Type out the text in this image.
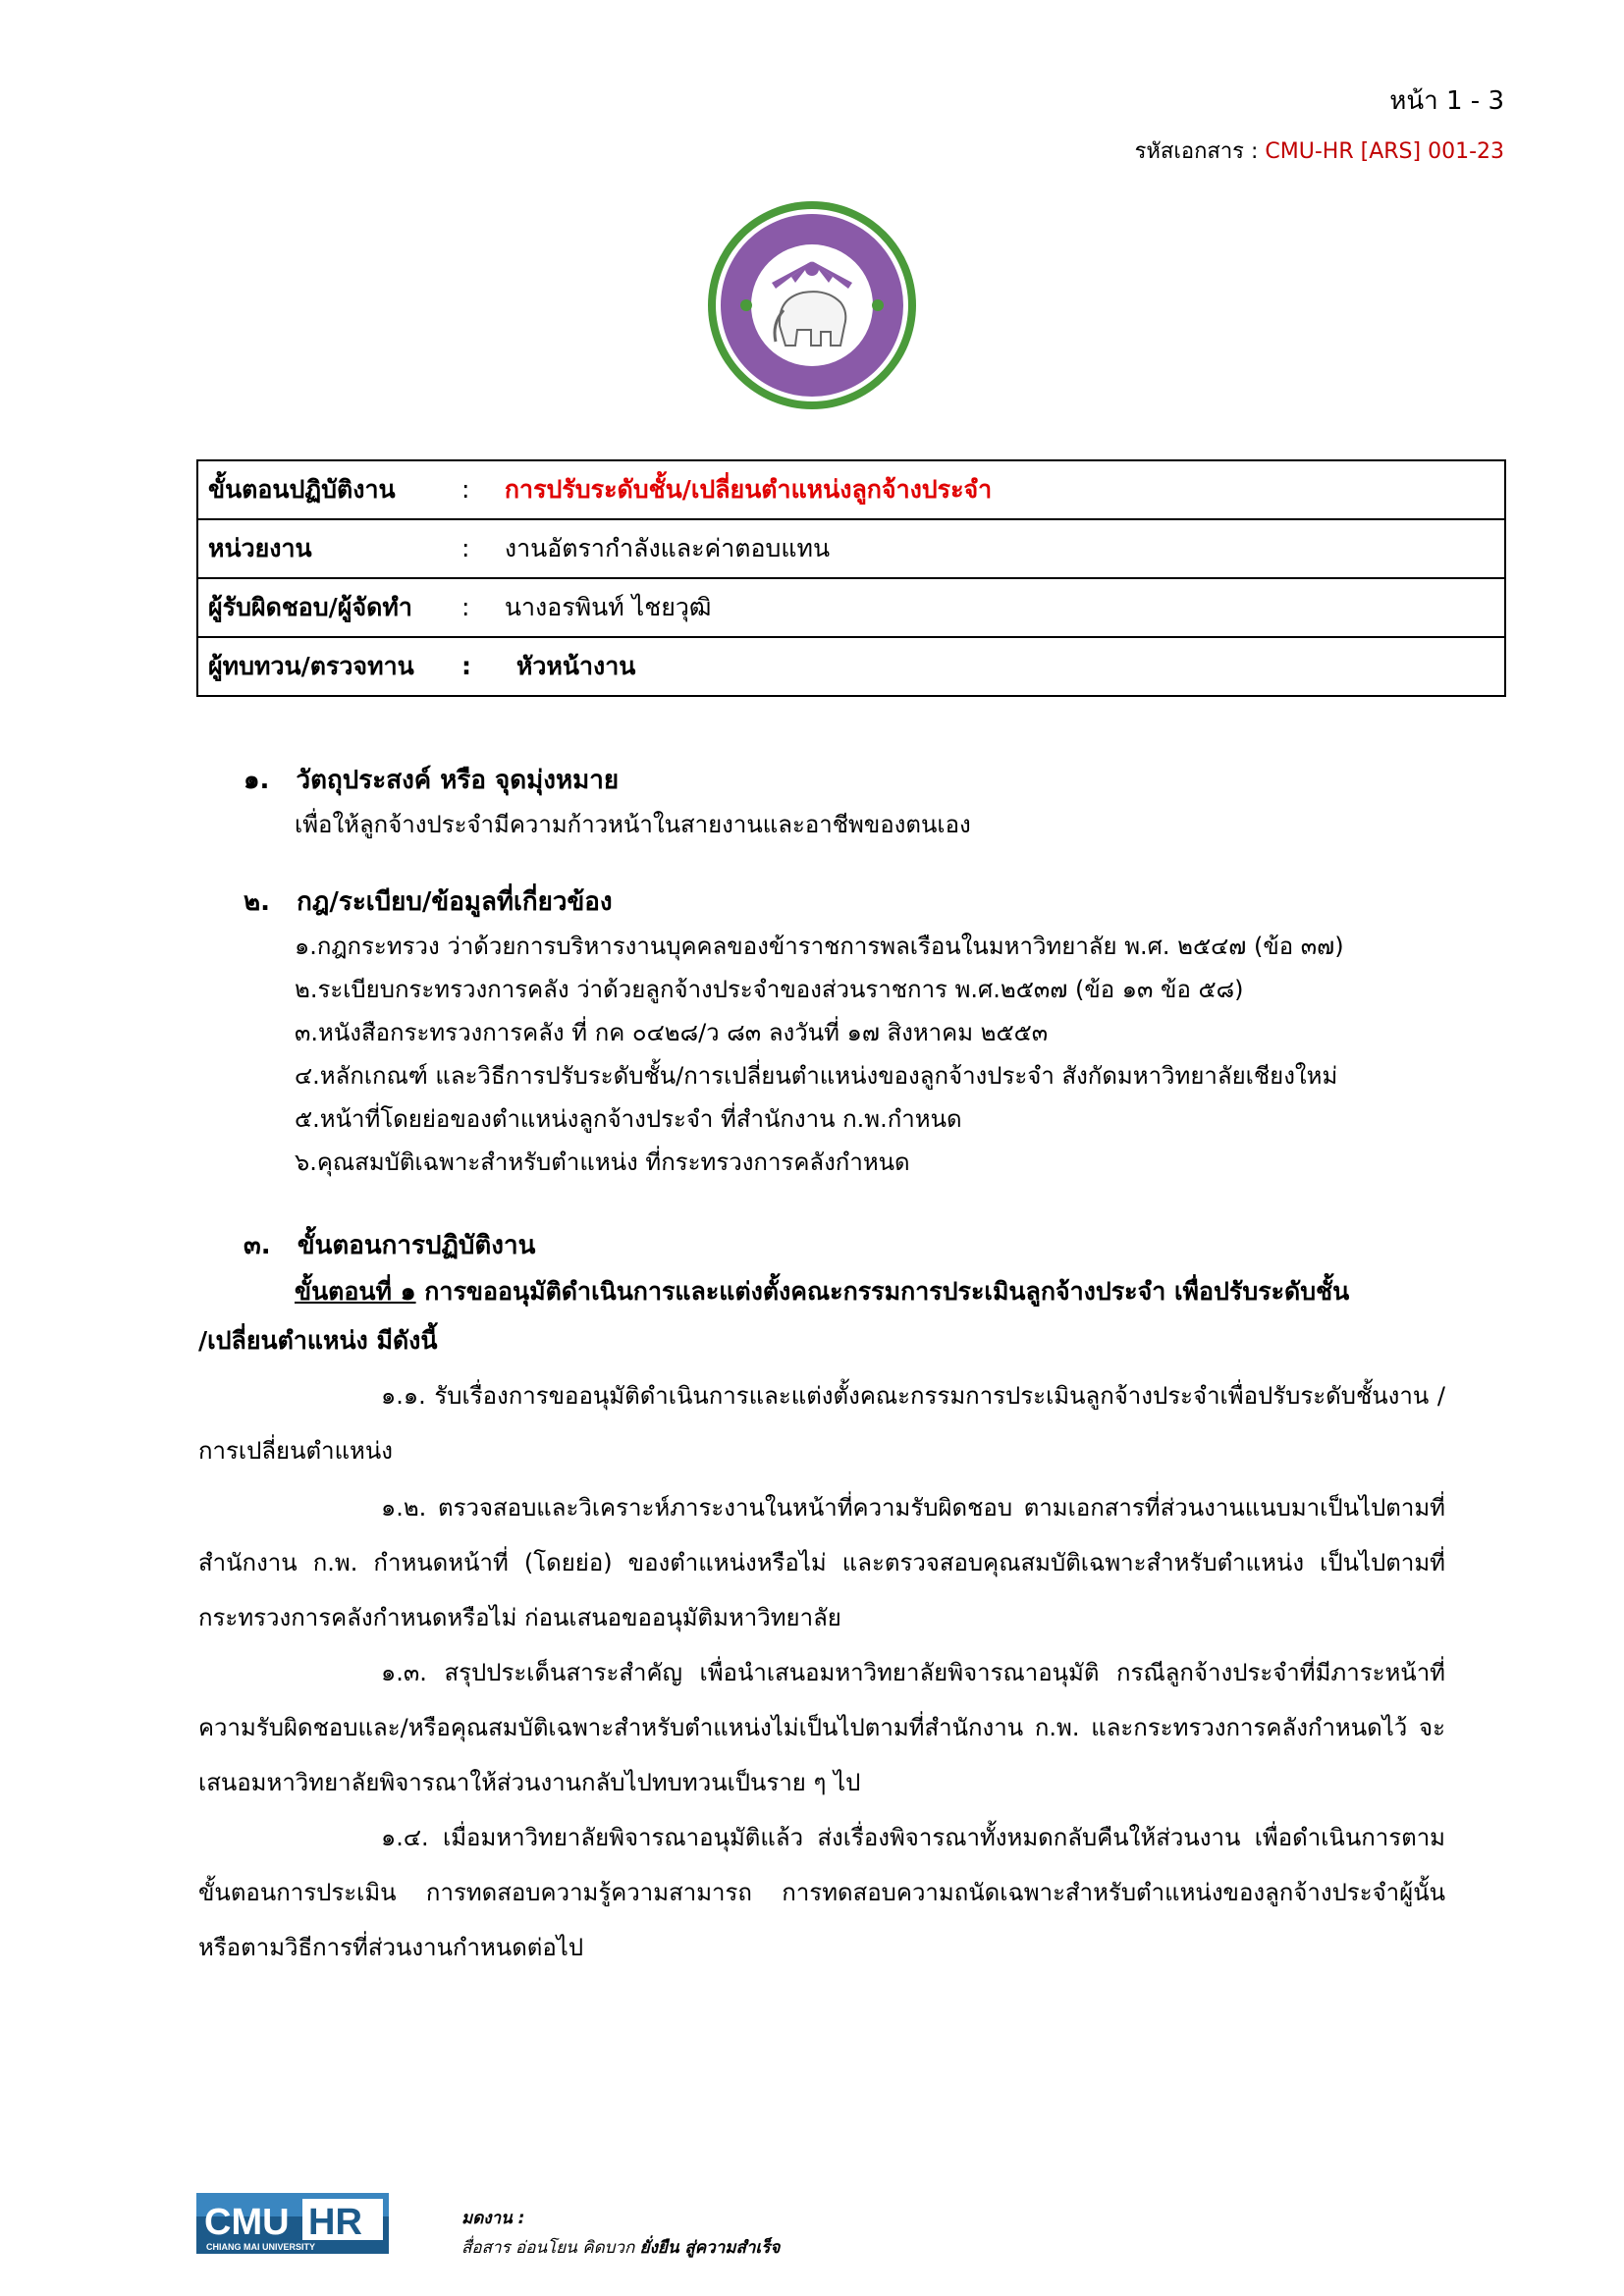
หน้า 1 - 3
รหัสเอกสาร : CMU-HR [ARS] 001-23
ขั้นตอนปฏิบัติงาน	: การปรับระดับชั้น/เปลี่ยนตำแหน่งลูกจ้างประจำ
หน่วยงาน	: งานอัตรากำลังและค่าตอบแทน
ผู้รับผิดชอบ/ผู้จัดทำ : นางอรพินท์ ไชยวุฒิ
ผู้ทบทวน/ตรวจทาน : หัวหน้างาน
๑. วัตถุประสงค์ หรือ จุดมุ่งหมาย
เพื่อให้ลูกจ้างประจำมีความก้าวหน้าในสายงานและอาชีพของตนเอง
๒. กฎ/ระเบียบ/ข้อมูลที่เกี่ยวข้อง
๑.กฎกระทรวง ว่าด้วยการบริหารงานบุคคลของข้าราชการพลเรือนในมหาวิทยาลัย พ.ศ. ๒๕๔๗ (ข้อ ๓๗)
๒.ระเบียบกระทรวงการคลัง ว่าด้วยลูกจ้างประจำของส่วนราชการ พ.ศ.๒๕๓๗ (ข้อ ๑๓ ข้อ ๕๘)
๓.หนังสือกระทรวงการคลัง ที่ กค ๐๔๒๘/ว ๘๓ ลงวันที่ ๑๗ สิงหาคม ๒๕๕๓
๔.หลักเกณฑ์ และวิธีการปรับระดับชั้น/การเปลี่ยนตำแหน่งของลูกจ้างประจำ สังกัดมหาวิทยาลัยเชียงใหม่
๕.หน้าที่โดยย่อของตำแหน่งลูกจ้างประจำ ที่สำนักงาน ก.พ.กำหนด
๖.คุณสมบัติเฉพาะสำหรับตำแหน่ง ที่กระทรวงการคลังกำหนด
๓. ขั้นตอนการปฏิบัติงาน
ขั้นตอนที่ ๑ การขออนุมัติดำเนินการและแต่งตั้งคณะกรรมการประเมินลูกจ้างประจำ เพื่อปรับระดับชั้น
/เปลี่ยนตำแหน่ง มีดังนี้
๑.๑. รับเรื่องการขออนุมัติดำเนินการและแต่งตั้งคณะกรรมการประเมินลูกจ้างประจำเพื่อปรับระดับชั้นงาน /การเปลี่ยนตำแหน่ง
๑.๒. ตรวจสอบและวิเคราะห์ภาระงานในหน้าที่ความรับผิดชอบ ตามเอกสารที่ส่วนงานแนบมาเป็นไปตามที่สำนักงาน ก.พ. กำหนดหน้าที่ (โดยย่อ) ของตำแหน่งหรือไม่ และตรวจสอบคุณสมบัติเฉพาะสำหรับตำแหน่ง เป็นไปตามที่กระทรวงการคลังกำหนดหรือไม่ ก่อนเสนอขออนุมัติมหาวิทยาลัย
๑.๓. สรุปประเด็นสาระสำคัญ เพื่อนำเสนอมหาวิทยาลัยพิจารณาอนุมัติ กรณีลูกจ้างประจำที่มีภาระหน้าที่ความรับผิดชอบและ/หรือคุณสมบัติเฉพาะสำหรับตำแหน่งไม่เป็นไปตามที่สำนักงาน ก.พ. และกระทรวงการคลังกำหนดไว้ จะเสนอมหาวิทยาลัยพิจารณาให้ส่วนงานกลับไปทบทวนเป็นราย ๆ ไป
๑.๔. เมื่อมหาวิทยาลัยพิจารณาอนุมัติแล้ว ส่งเรื่องพิจารณาทั้งหมดกลับคืนให้ส่วนงาน เพื่อดำเนินการตามขั้นตอนการประเมิน การทดสอบความรู้ความสามารถ การทดสอบความถนัดเฉพาะสำหรับตำแหน่งของลูกจ้างประจำผู้นั้น หรือตามวิธีการที่ส่วนงานกำหนดต่อไป
CMU HR
CHIANG MAI UNIVERSITY
มดงาน :
สื่อสาร อ่อนโยน คิดบวก ยั่งยืน สู่ความสำเร็จ
